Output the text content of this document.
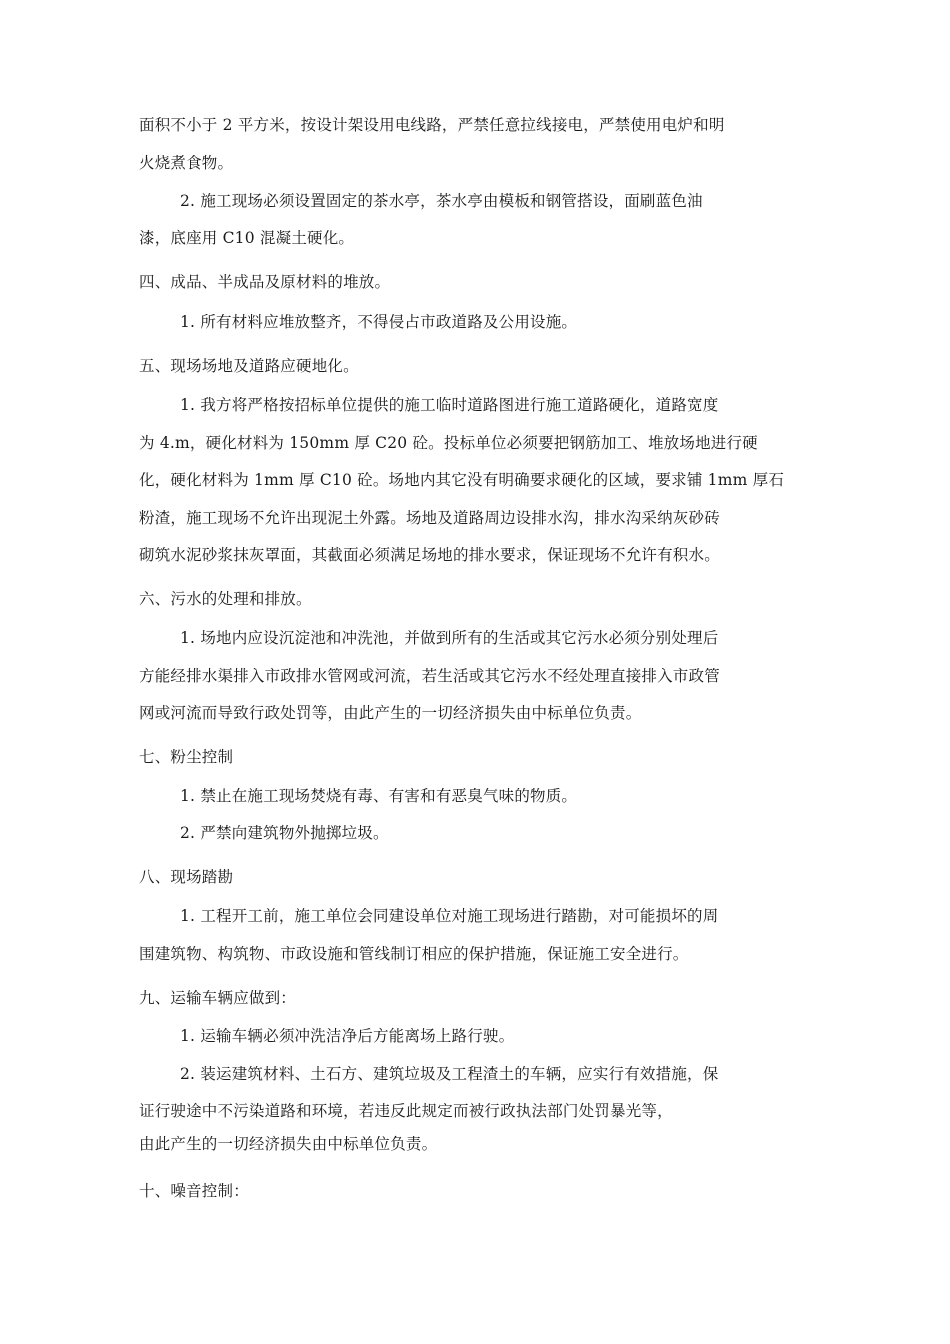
面积不小于 2 平方米，按设计架设用电线路，严禁任意拉线接电，严禁使用电炉和明

火烧煮食物。

2. 施工现场必须设置固定的茶水亭，茶水亭由模板和钢管搭设，面刷蓝色油

漆，底座用 C10 混凝土硬化。

四、成品、半成品及原材料的堆放。

1. 所有材料应堆放整齐，不得侵占市政道路及公用设施。

五、现场场地及道路应硬地化。

1. 我方将严格按招标单位提供的施工临时道路图进行施工道路硬化，道路宽度

为 4.m，硬化材料为 150mm 厚 C20 砼。投标单位必须要把钢筋加工、堆放场地进行硬

化，硬化材料为 1mm 厚 C10 砼。场地内其它没有明确要求硬化的区域，要求铺 1mm 厚石

粉渣，施工现场不允许出现泥土外露。场地及道路周边设排水沟，排水沟采纳灰砂砖

砌筑水泥砂浆抹灰罩面，其截面必须满足场地的排水要求，保证现场不允许有积水。

六、污水的处理和排放。

1. 场地内应设沉淀池和冲洗池，并做到所有的生活或其它污水必须分别处理后

方能经排水渠排入市政排水管网或河流，若生活或其它污水不经处理直接排入市政管

网或河流而导致行政处罚等，由此产生的一切经济损失由中标单位负责。

七、粉尘控制

1. 禁止在施工现场焚烧有毒、有害和有恶臭气味的物质。

2. 严禁向建筑物外抛掷垃圾。

八、现场踏勘

1. 工程开工前，施工单位会同建设单位对施工现场进行踏勘，对可能损坏的周

围建筑物、构筑物、市政设施和管线制订相应的保护措施，保证施工安全进行。

九、运输车辆应做到：

1. 运输车辆必须冲洗洁净后方能离场上路行驶。

2. 装运建筑材料、土石方、建筑垃圾及工程渣土的车辆，应实行有效措施，保

证行驶途中不污染道路和环境，若违反此规定而被行政执法部门处罚暴光等，

由此产生的一切经济损失由中标单位负责。

十、噪音控制：
